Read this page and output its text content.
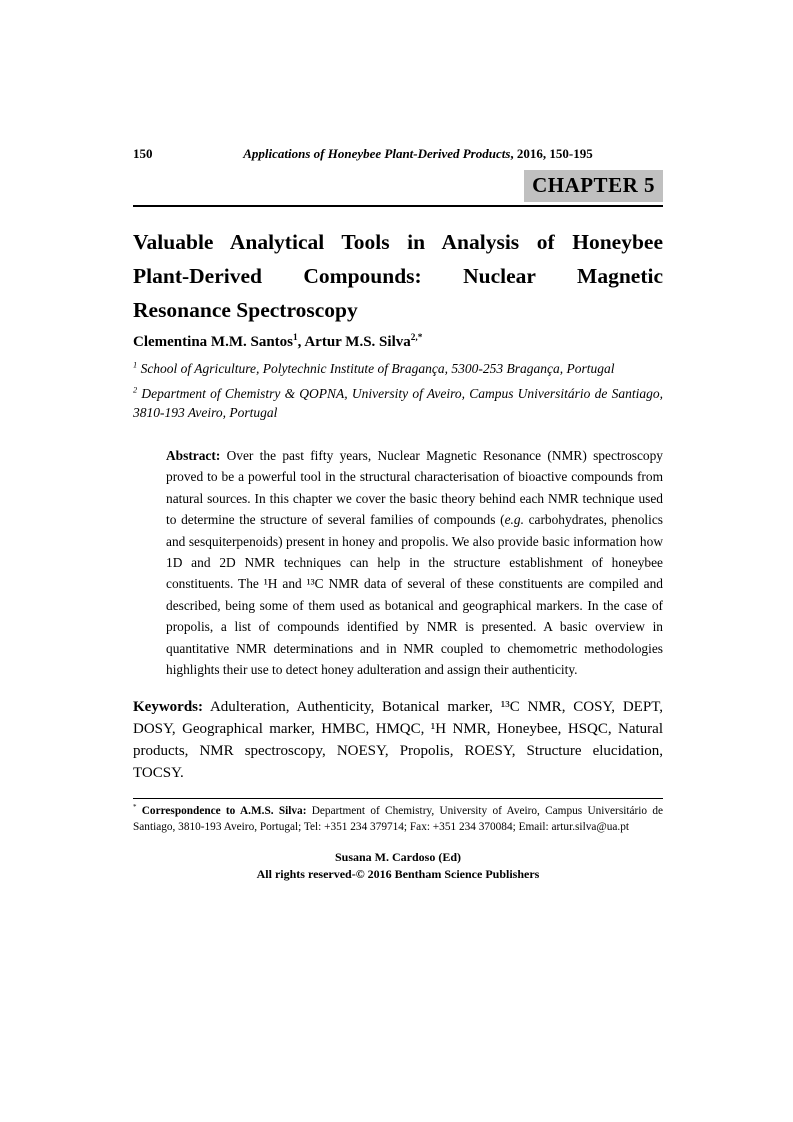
150	Applications of Honeybee Plant-Derived Products, 2016, 150-195
CHAPTER 5
Valuable Analytical Tools in Analysis of Honeybee
Plant-Derived Compounds: Nuclear Magnetic
Resonance Spectroscopy
Clementina M.M. Santos$^1$, Artur M.S. Silva$^{2,*}$
$^1$ School of Agriculture, Polytechnic Institute of Bragança, 5300-253 Bragança, Portugal
$^2$ Department of Chemistry & QOPNA, University of Aveiro, Campus Universitário de Santiago, 3810-193 Aveiro, Portugal
Abstract: Over the past fifty years, Nuclear Magnetic Resonance (NMR) spectroscopy proved to be a powerful tool in the structural characterisation of bioactive compounds from natural sources. In this chapter we cover the basic theory behind each NMR technique used to determine the structure of several families of compounds (e.g. carbohydrates, phenolics and sesquiterpenoids) present in honey and propolis. We also provide basic information how 1D and 2D NMR techniques can help in the structure establishment of honeybee constituents. The ¹H and ¹³C NMR data of several of these constituents are compiled and described, being some of them used as botanical and geographical markers. In the case of propolis, a list of compounds identified by NMR is presented. A basic overview in quantitative NMR determinations and in NMR coupled to chemometric methodologies highlights their use to detect honey adulteration and assign their authenticity.
Keywords: Adulteration, Authenticity, Botanical marker, ¹³C NMR, COSY, DEPT, DOSY, Geographical marker, HMBC, HMQC, ¹H NMR, Honeybee, HSQC, Natural products, NMR spectroscopy, NOESY, Propolis, ROESY, Structure elucidation, TOCSY.
* Correspondence to A.M.S. Silva: Department of Chemistry, University of Aveiro, Campus Universitário de Santiago, 3810-193 Aveiro, Portugal; Tel: +351 234 379714; Fax: +351 234 370084; Email: artur.silva@ua.pt
Susana M. Cardoso (Ed)
All rights reserved-© 2016 Bentham Science Publishers
